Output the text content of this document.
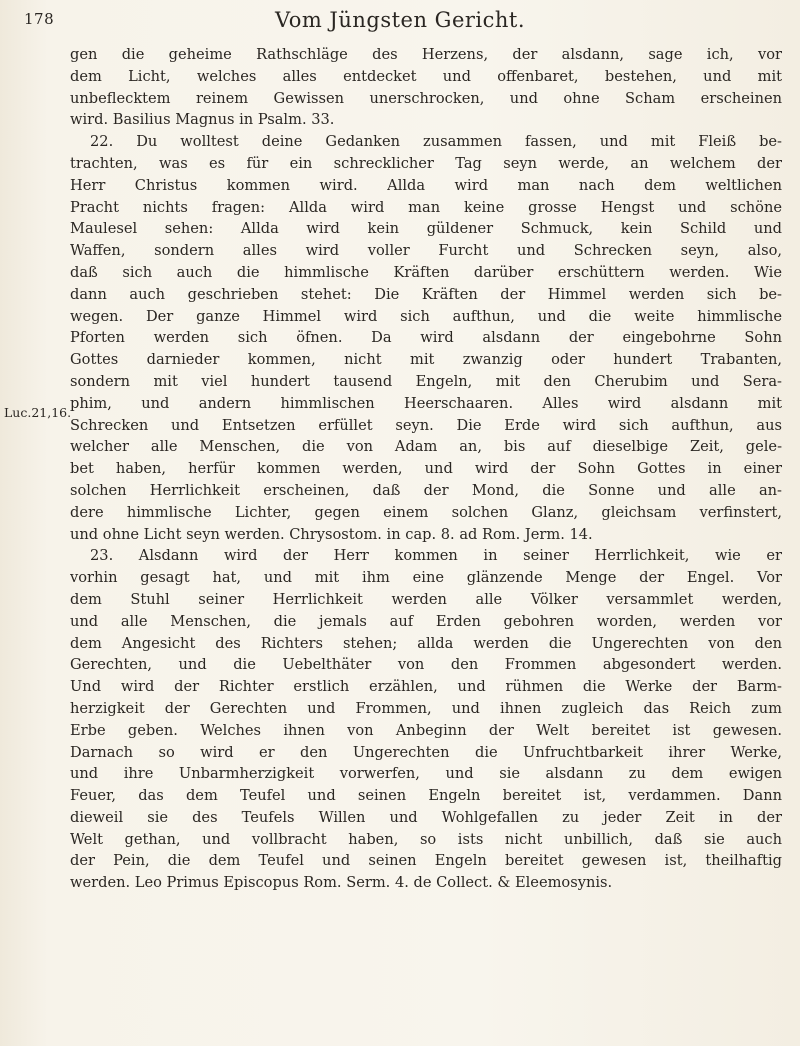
178	Vom Jüngsten Gericht.
Luc.21,16.
gen die geheime Rathschläge des Herzens, der alsdann, sage ich, vor
dem Licht, welches alles entdecket und offenbaret, bestehen, und mit
unbeflecktem reinem Gewissen unerschrocken, und ohne Scham erscheinen
wird. Basilius Magnus in Psalm. 33.
22. Du wolltest deine Gedanken zusammen fassen, und mit Fleiß be-
trachten, was es für ein schrecklicher Tag seyn werde, an welchem der
Herr Christus kommen wird. Allda wird man nach dem weltlichen
Pracht nichts fragen: Allda wird man keine grosse Hengst und schöne
Maulesel sehen: Allda wird kein güldener Schmuck, kein Schild und
Waffen, sondern alles wird voller Furcht und Schrecken seyn, also,
daß sich auch die himmlische Kräften darüber erschüttern werden. Wie
dann auch geschrieben stehet: Die Kräften der Himmel werden sich be-
wegen. Der ganze Himmel wird sich aufthun, und die weite himmlische
Pforten werden sich öfnen. Da wird alsdann der eingebohrne Sohn
Gottes darnieder kommen, nicht mit zwanzig oder hundert Trabanten,
sondern mit viel hundert tausend Engeln, mit den Cherubim und Sera-
phim, und andern himmlischen Heerschaaren. Alles wird alsdann mit
Schrecken und Entsetzen erfüllet seyn. Die Erde wird sich aufthun, aus
welcher alle Menschen, die von Adam an, bis auf dieselbige Zeit, gele-
bet haben, herfür kommen werden, und wird der Sohn Gottes in einer
solchen Herrlichkeit erscheinen, daß der Mond, die Sonne und alle an-
dere himmlische Lichter, gegen einem solchen Glanz, gleichsam verfinstert,
und ohne Licht seyn werden. Chrysostom. in cap. 8. ad Rom. Jerm. 14.
23. Alsdann wird der Herr kommen in seiner Herrlichkeit, wie er
vorhin gesagt hat, und mit ihm eine glänzende Menge der Engel. Vor
dem Stuhl seiner Herrlichkeit werden alle Völker versammlet werden,
und alle Menschen, die jemals auf Erden gebohren worden, werden vor
dem Angesicht des Richters stehen; allda werden die Ungerechten von den
Gerechten, und die Uebelthäter von den Frommen abgesondert werden.
Und wird der Richter erstlich erzählen, und rühmen die Werke der Barm-
herzigkeit der Gerechten und Frommen, und ihnen zugleich das Reich zum
Erbe geben. Welches ihnen von Anbeginn der Welt bereitet ist gewesen.
Darnach so wird er den Ungerechten die Unfruchtbarkeit ihrer Werke,
und ihre Unbarmherzigkeit vorwerfen, und sie alsdann zu dem ewigen
Feuer, das dem Teufel und seinen Engeln bereitet ist, verdammen. Dann
dieweil sie des Teufels Willen und Wohlgefallen zu jeder Zeit in der
Welt gethan, und vollbracht haben, so ists nicht unbillich, daß sie auch
der Pein, die dem Teufel und seinen Engeln bereitet gewesen ist, theilhaftig
werden. Leo Primus Episcopus Rom. Serm. 4. de Collect. & Eleemosynis.
